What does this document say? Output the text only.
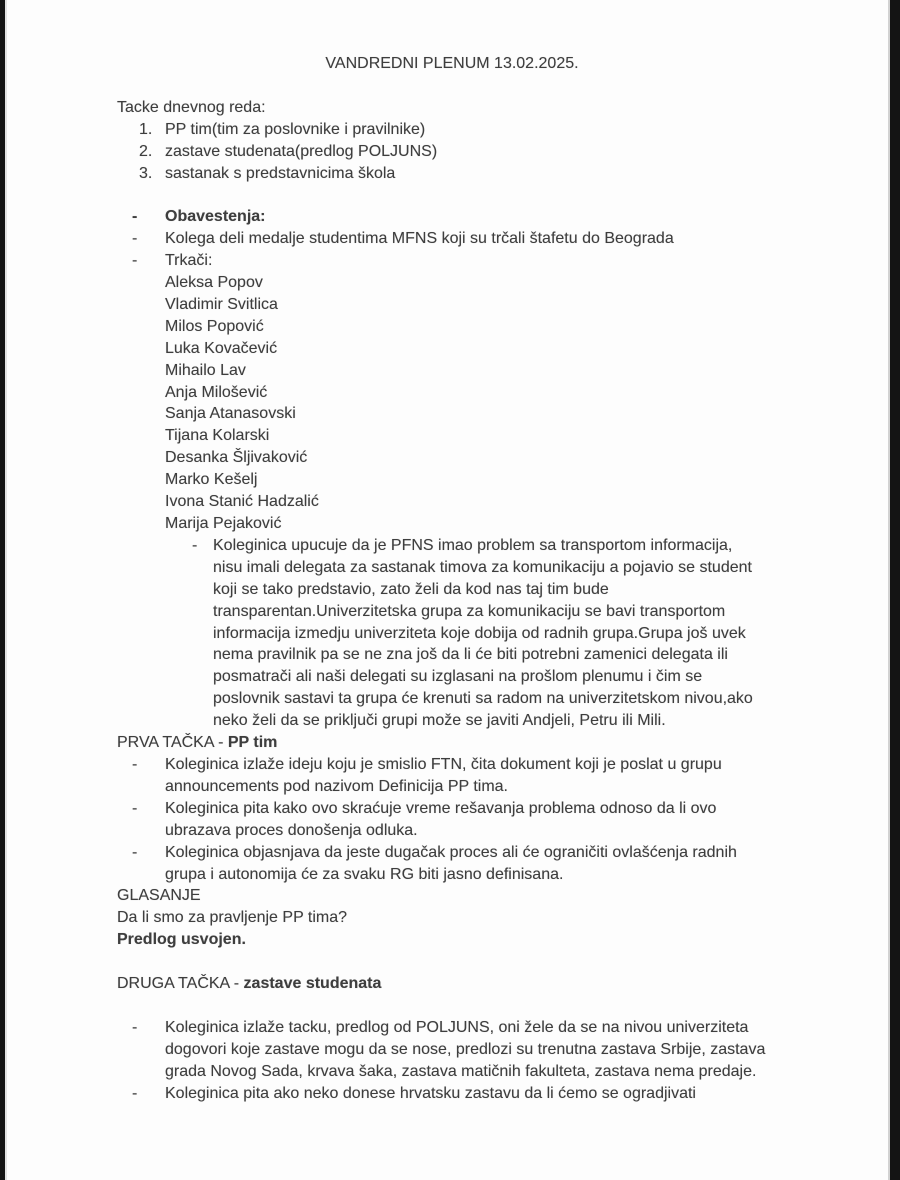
VANDREDNI PLENUM 13.02.2025.
Tacke dnevnog reda:
1. PP tim(tim za poslovnike i pravilnike)
2. zastave studenata(predlog POLJUNS)
3. sastanak s predstavnicima škola
- Obavestenja:
- Kolega deli medalje studentima MFNS koji su trčali štafetu do Beograda
- Trkači:
Aleksa Popov
Vladimir Svitlica
Milos Popović
Luka Kovačević
Mihailo Lav
Anja Milošević
Sanja Atanasovski
Tijana Kolarski
Desanka Šljivaković
Marko Kešelj
Ivona Stanić Hadzalić
Marija Pejaković
- Koleginica upucuje da je PFNS imao problem sa transportom informacija,
nisu imali delegata za sastanak timova za komunikaciju a pojavio se student
koji se tako predstavio, zato želi da kod nas taj tim bude
transparentan.Univerzitetska grupa za komunikaciju se bavi transportom
informacija izmedju univerziteta koje dobija od radnih grupa.Grupa još uvek
nema pravilnik pa se ne zna još da li će biti potrebni zamenici delegata ili
posmatrači ali naši delegati su izglasani na prošlom plenumu i čim se
poslovnik sastavi ta grupa će krenuti sa radom na univerzitetskom nivou,ako
neko želi da se priključi grupi može se javiti Andjeli, Petru ili Mili.
PRVA TAČKA - PP tim
- Koleginica izlaže ideju koju je smislio FTN, čita dokument koji je poslat u grupu
announcements pod nazivom Definicija PP tima.
- Koleginica pita kako ovo skraćuje vreme rešavanja problema odnoso da li ovo
ubrazava proces donošenja odluka.
- Koleginica objasnjava da jeste dugačak proces ali će ograničiti ovlašćenja radnih
grupa i autonomija će za svaku RG biti jasno definisana.
GLASANJE
Da li smo za pravljenje PP tima?
Predlog usvojen.
DRUGA TAČKA - zastave studenata
- Koleginica izlaže tacku, predlog od POLJUNS, oni žele da se na nivou univerziteta
dogovori koje zastave mogu da se nose, predlozi su trenutna zastava Srbije, zastava
grada Novog Sada, krvava šaka, zastava matičnih fakulteta, zastava nema predaje.
- Koleginica pita ako neko donese hrvatsku zastavu da li ćemo se ogradjivati
